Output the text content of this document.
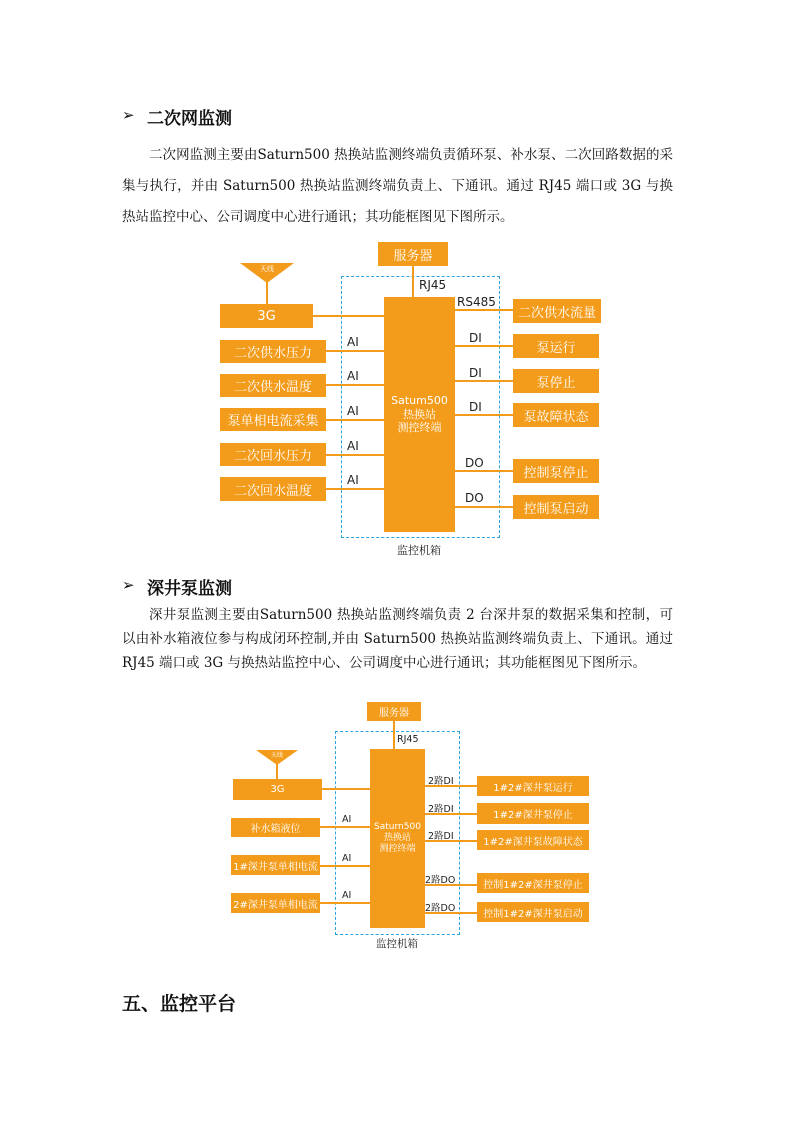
➢ 二次网监测
二次网监测主要由Saturn500 热换站监测终端负责循环泵、补水泵、二次回路数据的采集与执行，并由 Saturn500 热换站监测终端负责上、下通讯。通过 RJ45 端口或 3G 与换热站监控中心、公司调度中心进行通讯；其功能框图见下图所示。
服务器
RJ45
Satum500
热换站
测控终端
天线
3G
二次供水压力
二次供水温度
泵单相电流采集
二次回水压力
二次回水温度
AI
AI
AI
AI
AI
二次供水流量
泵运行
泵停止
泵故障状态
控制泵停止
控制泵启动
RS485
DI
DI
DI
DO
DO
监控机箱
➢ 深井泵监测
深井泵监测主要由Saturn500 热换站监测终端负责 2 台深井泵的数据采集和控制，可以由补水箱液位参与构成闭环控制,并由 Saturn500 热换站监测终端负责上、下通讯。通过 RJ45 端口或 3G 与换热站监控中心、公司调度中心进行通讯；其功能框图见下图所示。
服务器
RJ45
Saturn500
热换站
测控终端
天线
3G
补水箱液位
1#深井泵单相电流
2#深井泵单相电流
AI
AI
AI
1#2#深井泵运行
1#2#深井泵停止
1#2#深井泵故障状态
控制1#2#深井泵停止
控制1#2#深井泵启动
2路DI
2路DI
2路DI
2路DO
2路DO
监控机箱
五、监控平台
